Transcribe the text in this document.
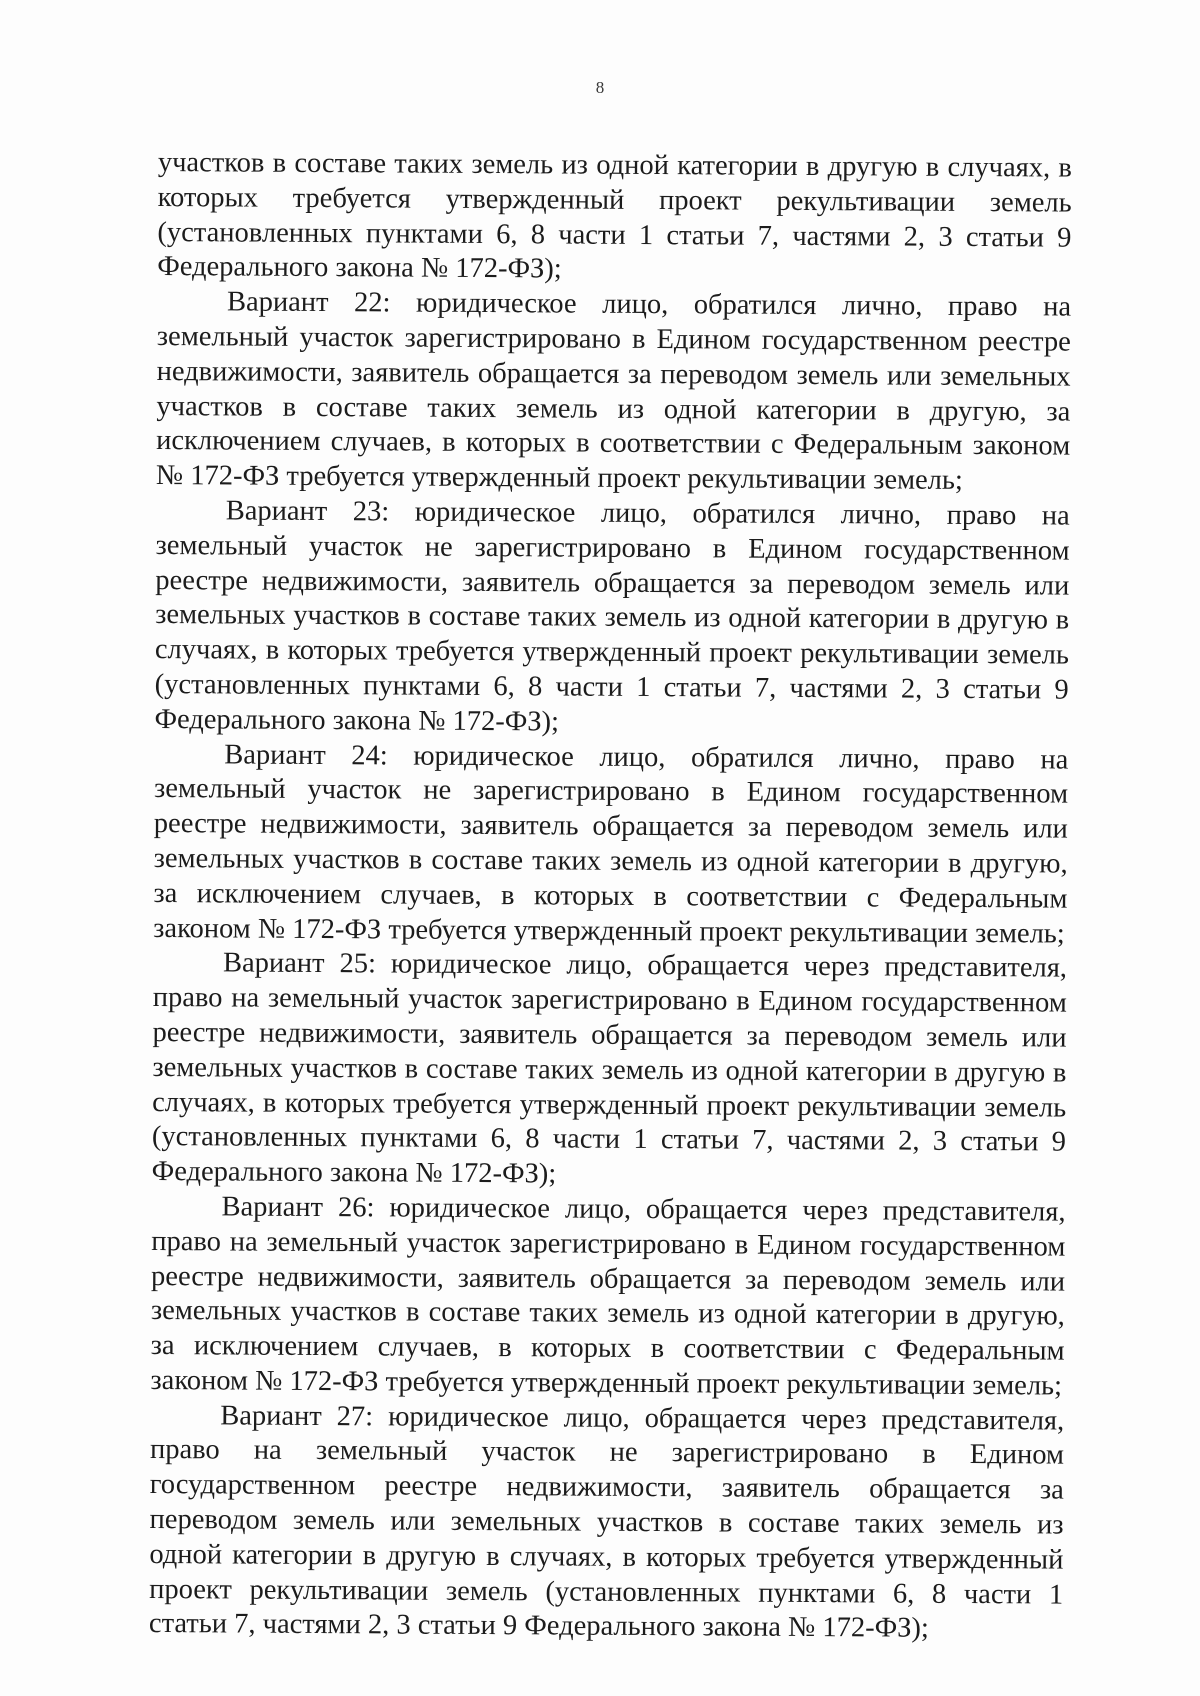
8

участков в составе таких земель из одной категории в другую в случаях, в которых требуется утвержденный проект рекультивации земель (установленных пунктами 6, 8 части 1 статьи 7, частями 2, 3 статьи 9 Федерального закона № 172-ФЗ);

Вариант 22: юридическое лицо, обратился лично, право на земельный участок зарегистрировано в Едином государственном реестре недвижимости, заявитель обращается за переводом земель или земельных участков в составе таких земель из одной категории в другую, за исключением случаев, в которых в соответствии с Федеральным законом № 172-ФЗ требуется утвержденный проект рекультивации земель;

Вариант 23: юридическое лицо, обратился лично, право на земельный участок не зарегистрировано в Едином государственном реестре недвижимости, заявитель обращается за переводом земель или земельных участков в составе таких земель из одной категории в другую в случаях, в которых требуется утвержденный проект рекультивации земель (установленных пунктами 6, 8 части 1 статьи 7, частями 2, 3 статьи 9 Федерального закона № 172-ФЗ);

Вариант 24: юридическое лицо, обратился лично, право на земельный участок не зарегистрировано в Едином государственном реестре недвижимости, заявитель обращается за переводом земель или земельных участков в составе таких земель из одной категории в другую, за исключением случаев, в которых в соответствии с Федеральным законом № 172-ФЗ требуется утвержденный проект рекультивации земель;

Вариант 25: юридическое лицо, обращается через представителя, право на земельный участок зарегистрировано в Едином государственном реестре недвижимости, заявитель обращается за переводом земель или земельных участков в составе таких земель из одной категории в другую в случаях, в которых требуется утвержденный проект рекультивации земель (установленных пунктами 6, 8 части 1 статьи 7, частями 2, 3 статьи 9 Федерального закона № 172-ФЗ);

Вариант 26: юридическое лицо, обращается через представителя, право на земельный участок зарегистрировано в Едином государственном реестре недвижимости, заявитель обращается за переводом земель или земельных участков в составе таких земель из одной категории в другую, за исключением случаев, в которых в соответствии с Федеральным законом № 172-ФЗ требуется утвержденный проект рекультивации земель;

Вариант 27: юридическое лицо, обращается через представителя, право на земельный участок не зарегистрировано в Едином государственном реестре недвижимости, заявитель обращается за переводом земель или земельных участков в составе таких земель из одной категории в другую в случаях, в которых требуется утвержденный проект рекультивации земель (установленных пунктами 6, 8 части 1 статьи 7, частями 2, 3 статьи 9 Федерального закона № 172-ФЗ);
